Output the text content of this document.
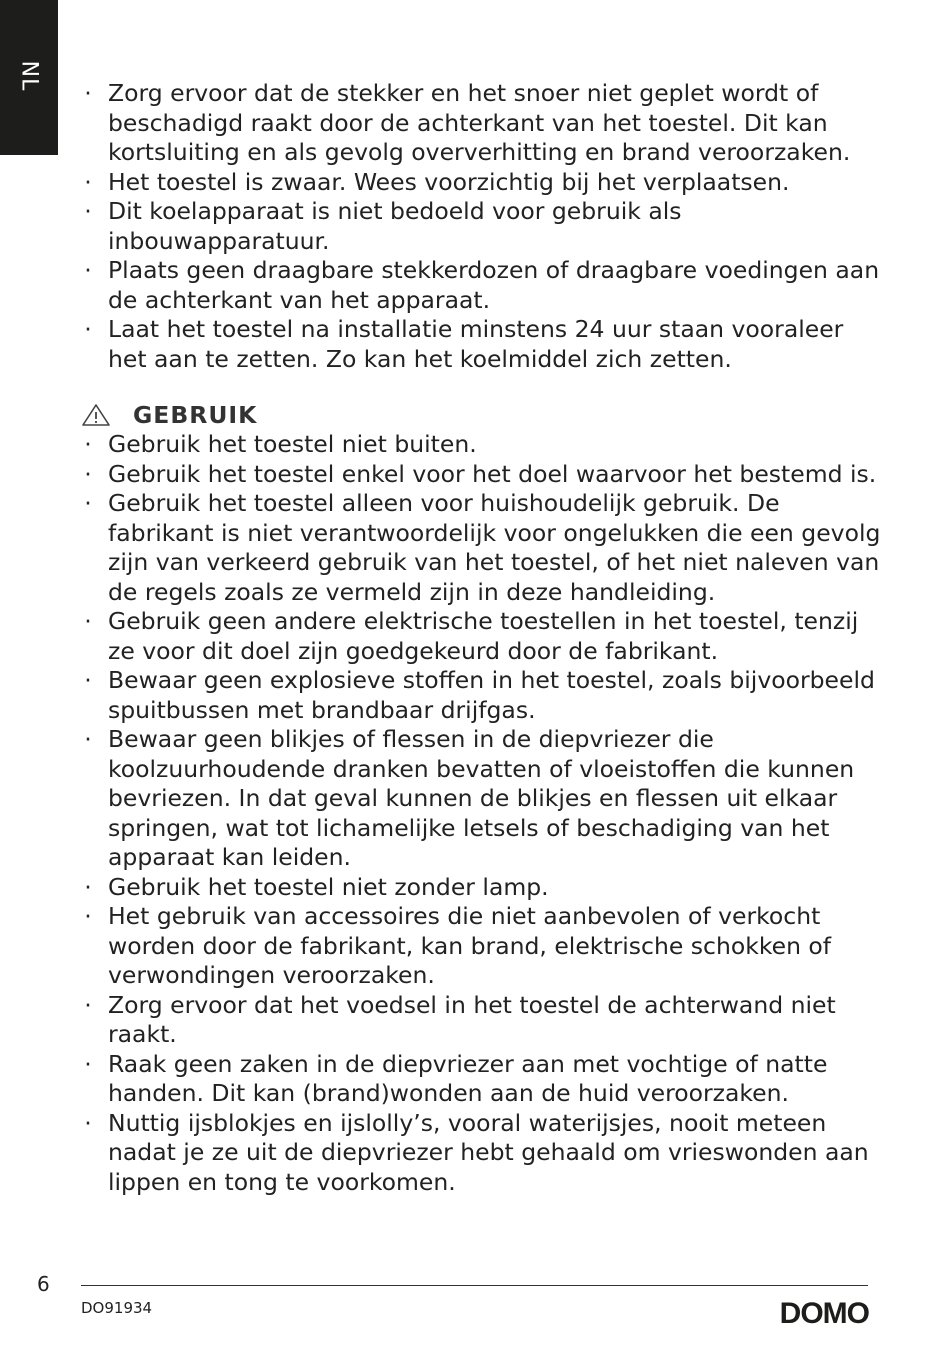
NL
· Zorg ervoor dat de stekker en het snoer niet geplet wordt of beschadigd raakt door de achterkant van het toestel. Dit kan kortsluiting en als gevolg oververhitting en brand veroorzaken.
· Het toestel is zwaar. Wees voorzichtig bij het verplaatsen.
· Dit koelapparaat is niet bedoeld voor gebruik als inbouwapparatuur.
· Plaats geen draagbare stekkerdozen of draagbare voedingen aan de achterkant van het apparaat.
· Laat het toestel na installatie minstens 24 uur staan vooraleer het aan te zetten. Zo kan het koelmiddel zich zetten.
GEBRUIK
· Gebruik het toestel niet buiten.
· Gebruik het toestel enkel voor het doel waarvoor het bestemd is.
· Gebruik het toestel alleen voor huishoudelijk gebruik. De fabrikant is niet verantwoordelijk voor ongelukken die een gevolg zijn van verkeerd gebruik van het toestel, of het niet naleven van de regels zoals ze vermeld zijn in deze handleiding.
· Gebruik geen andere elektrische toestellen in het toestel, tenzij ze voor dit doel zijn goedgekeurd door de fabrikant.
· Bewaar geen explosieve stoffen in het toestel, zoals bijvoorbeeld spuitbussen met brandbaar drijfgas.
· Bewaar geen blikjes of flessen in de diepvriezer die koolzuurhoudende dranken bevatten of vloeistoffen die kunnen bevriezen. In dat geval kunnen de blikjes en flessen uit elkaar springen, wat tot lichamelijke letsels of beschadiging van het apparaat kan leiden.
· Gebruik het toestel niet zonder lamp.
· Het gebruik van accessoires die niet aanbevolen of verkocht worden door de fabrikant, kan brand, elektrische schokken of verwondingen veroorzaken.
· Zorg ervoor dat het voedsel in het toestel de achterwand niet raakt.
· Raak geen zaken in de diepvriezer aan met vochtige of natte handen. Dit kan (brand)wonden aan de huid veroorzaken.
· Nuttig ijsblokjes en ijslolly’s, vooral waterijsjes, nooit meteen nadat je ze uit de diepvriezer hebt gehaald om vrieswonden aan lippen en tong te voorkomen.
6
DO91934	DOMO
